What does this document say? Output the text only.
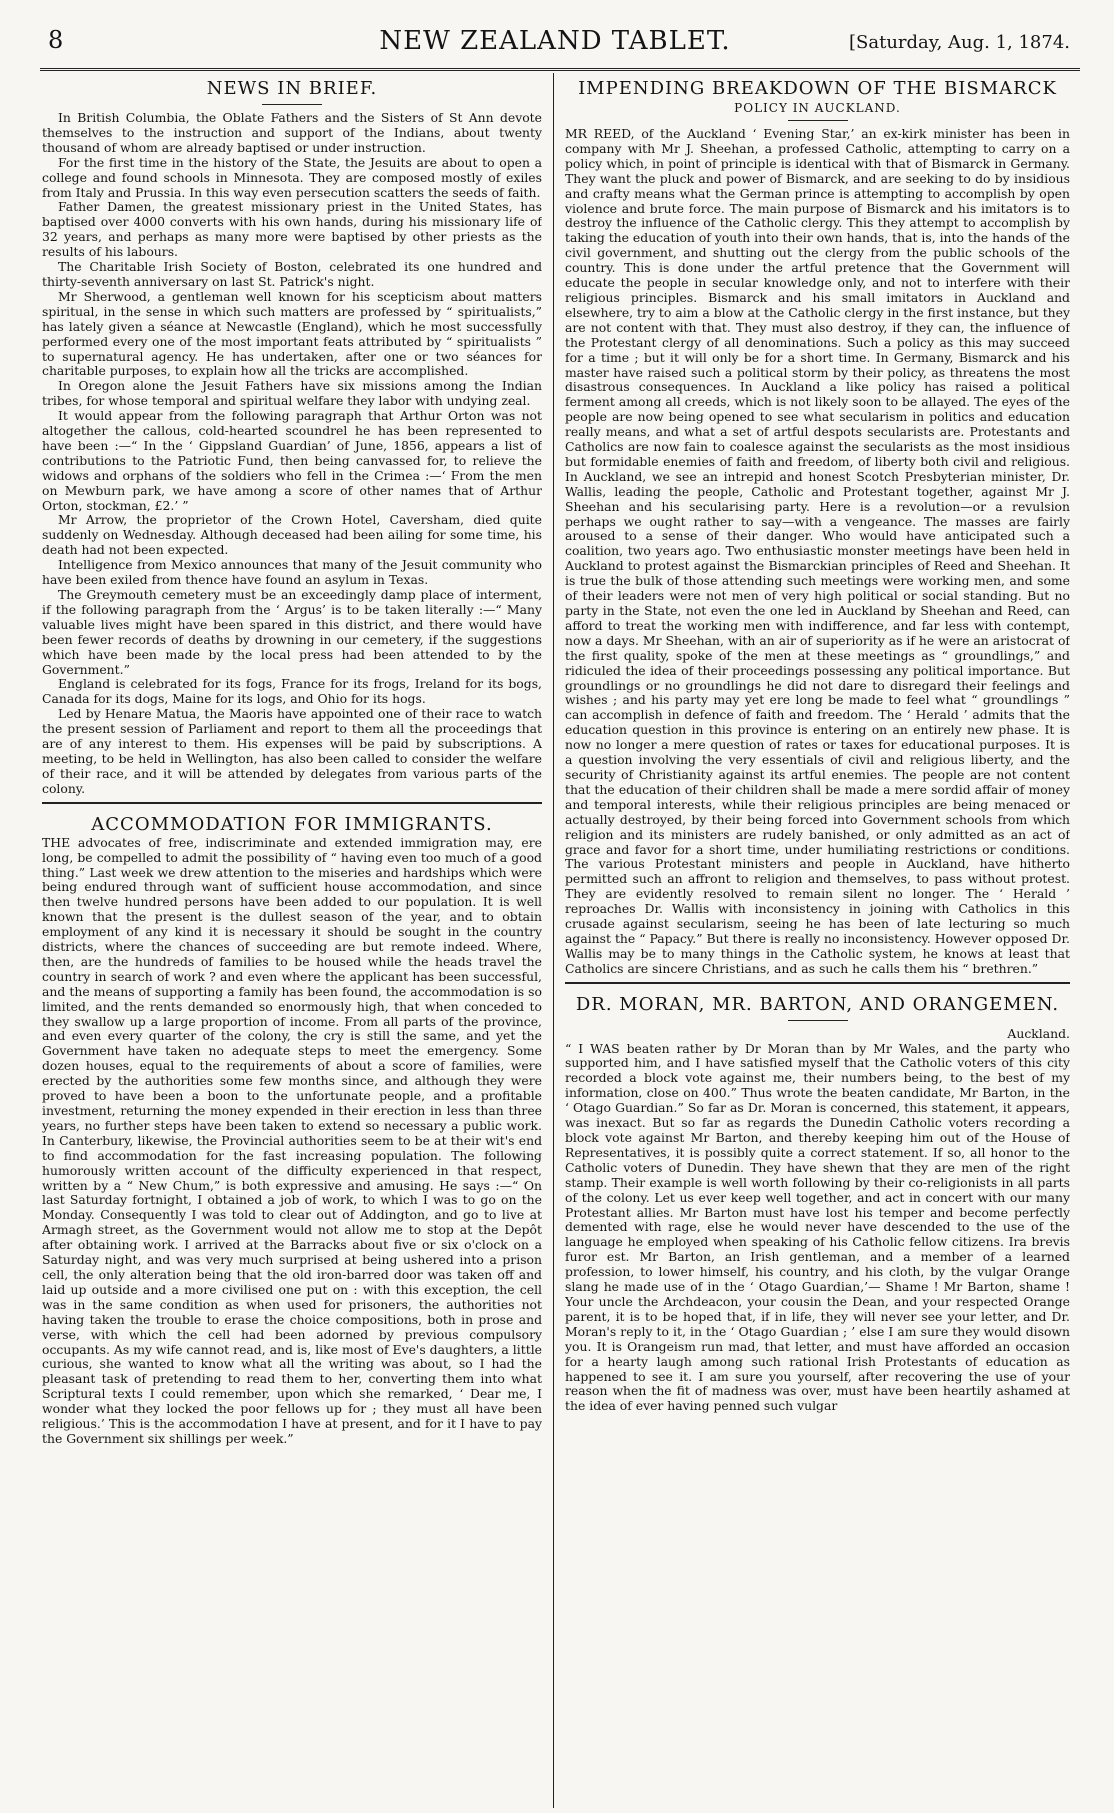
8	NEW ZEALAND TABLET.	[Saturday, Aug. 1, 1874.
NEWS IN BRIEF.

In British Columbia, the Oblate Fathers and the Sisters of St Ann devote themselves to the instruction and support of the Indians, about twenty thousand of whom are already baptised or under instruction.

For the first time in the history of the State, the Jesuits are about to open a college and found schools in Minnesota. They are composed mostly of exiles from Italy and Prussia. In this way even persecution scatters the seeds of faith.

Father Damen, the greatest missionary priest in the United States, has baptised over 4000 converts with his own hands, during his missionary life of 32 years, and perhaps as many more were baptised by other priests as the results of his labours.

The Charitable Irish Society of Boston, celebrated its one hundred and thirty-seventh anniversary on last St. Patrick's night.

Mr Sherwood, a gentleman well known for his scepticism about matters spiritual, in the sense in which such matters are professed by “ spiritualists,” has lately given a séance at Newcastle (England), which he most successfully performed every one of the most important feats attributed by “ spiritualists ” to supernatural agency. He has undertaken, after one or two séances for charitable purposes, to explain how all the tricks are accomplished.

In Oregon alone the Jesuit Fathers have six missions among the Indian tribes, for whose temporal and spiritual welfare they labor with undying zeal.

It would appear from the following paragraph that Arthur Orton was not altogether the callous, cold-hearted scoundrel he has been represented to have been :—“ In the ‘ Gippsland Guardian’ of June, 1856, appears a list of contributions to the Patriotic Fund, then being canvassed for, to relieve the widows and orphans of the soldiers who fell in the Crimea :—‘ From the men on Mewburn park, we have among a score of other names that of Arthur Orton, stockman, £2.’ ”

Mr Arrow, the proprietor of the Crown Hotel, Caversham, died quite suddenly on Wednesday. Although deceased had been ailing for some time, his death had not been expected.

Intelligence from Mexico announces that many of the Jesuit community who have been exiled from thence have found an asylum in Texas.

The Greymouth cemetery must be an exceedingly damp place of interment, if the following paragraph from the ‘ Argus’ is to be taken literally :—“ Many valuable lives might have been spared in this district, and there would have been fewer records of deaths by drowning in our cemetery, if the suggestions which have been made by the local press had been attended to by the Government.”

England is celebrated for its fogs, France for its frogs, Ireland for its bogs, Canada for its dogs, Maine for its logs, and Ohio for its hogs.

Led by Henare Matua, the Maoris have appointed one of their race to watch the present session of Parliament and report to them all the proceedings that are of any interest to them. His expenses will be paid by subscriptions. A meeting, to be held in Wellington, has also been called to consider the welfare of their race, and it will be attended by delegates from various parts of the colony.

ACCOMMODATION FOR IMMIGRANTS.

THE advocates of free, indiscriminate and extended immigration may, ere long, be compelled to admit the possibility of “ having even too much of a good thing.” Last week we drew attention to the miseries and hardships which were being endured through want of sufficient house accommodation, and since then twelve hundred persons have been added to our population. It is well known that the present is the dullest season of the year, and to obtain employment of any kind it is necessary it should be sought in the country districts, where the chances of succeeding are but remote indeed. Where, then, are the hundreds of families to be housed while the heads travel the country in search of work ? and even where the applicant has been successful, and the means of supporting a family has been found, the accommodation is so limited, and the rents demanded so enormously high, that when conceded to they swallow up a large proportion of income. From all parts of the province, and even every quarter of the colony, the cry is still the same, and yet the Government have taken no adequate steps to meet the emergency. Some dozen houses, equal to the requirements of about a score of families, were erected by the authorities some few months since, and although they were proved to have been a boon to the unfortunate people, and a profitable investment, returning the money expended in their erection in less than three years, no further steps have been taken to extend so necessary a public work. In Canterbury, likewise, the Provincial authorities seem to be at their wit's end to find accommodation for the fast increasing population. The following humorously written account of the difficulty experienced in that respect, written by a “ New Chum,” is both expressive and amusing. He says :—“ On last Saturday fortnight, I obtained a job of work, to which I was to go on the Monday. Consequently I was told to clear out of Addington, and go to live at Armagh street, as the Government would not allow me to stop at the Depôt after obtaining work. I arrived at the Barracks about five or six o'clock on a Saturday night, and was very much surprised at being ushered into a prison cell, the only alteration being that the old iron-barred door was taken off and laid up outside and a more civilised one put on : with this exception, the cell was in the same condition as when used for prisoners, the authorities not having taken the trouble to erase the choice compositions, both in prose and verse, with which the cell had been adorned by previous compulsory occupants. As my wife cannot read, and is, like most of Eve's daughters, a little curious, she wanted to know what all the writing was about, so I had the pleasant task of pretending to read them to her, converting them into what Scriptural texts I could remember, upon which she remarked, ‘ Dear me, I wonder what they locked the poor fellows up for ; they must all have been religious.’ This is the accommodation I have at present, and for it I have to pay the Government six shillings per week.”

IMPENDING BREAKDOWN OF THE BISMARCK
POLICY IN AUCKLAND.

MR REED, of the Auckland ‘ Evening Star,’ an ex-kirk minister has been in company with Mr J. Sheehan, a professed Catholic, attempting to carry on a policy which, in point of principle is identical with that of Bismarck in Germany. They want the pluck and power of Bismarck, and are seeking to do by insidious and crafty means what the German prince is attempting to accomplish by open violence and brute force. The main purpose of Bismarck and his imitators is to destroy the influence of the Catholic clergy. This they attempt to accomplish by taking the education of youth into their own hands, that is, into the hands of the civil government, and shutting out the clergy from the public schools of the country. This is done under the artful pretence that the Government will educate the people in secular knowledge only, and not to interfere with their religious principles. Bismarck and his small imitators in Auckland and elsewhere, try to aim a blow at the Catholic clergy in the first instance, but they are not content with that. They must also destroy, if they can, the influence of the Protestant clergy of all denominations. Such a policy as this may succeed for a time ; but it will only be for a short time. In Germany, Bismarck and his master have raised such a political storm by their policy, as threatens the most disastrous consequences. In Auckland a like policy has raised a political ferment among all creeds, which is not likely soon to be allayed. The eyes of the people are now being opened to see what secularism in politics and education really means, and what a set of artful despots secularists are. Protestants and Catholics are now fain to coalesce against the secularists as the most insidious but formidable enemies of faith and freedom, of liberty both civil and religious. In Auckland, we see an intrepid and honest Scotch Presbyterian minister, Dr. Wallis, leading the people, Catholic and Protestant together, against Mr J. Sheehan and his secularising party. Here is a revolution—or a revulsion perhaps we ought rather to say—with a vengeance. The masses are fairly aroused to a sense of their danger. Who would have anticipated such a coalition, two years ago. Two enthusiastic monster meetings have been held in Auckland to protest against the Bismarckian principles of Reed and Sheehan. It is true the bulk of those attending such meetings were working men, and some of their leaders were not men of very high political or social standing. But no party in the State, not even the one led in Auckland by Sheehan and Reed, can afford to treat the working men with indifference, and far less with contempt, now a days. Mr Sheehan, with an air of superiority as if he were an aristocrat of the first quality, spoke of the men at these meetings as “ groundlings,” and ridiculed the idea of their proceedings possessing any political importance. But groundlings or no groundlings he did not dare to disregard their feelings and wishes ; and his party may yet ere long be made to feel what “ groundlings ” can accomplish in defence of faith and freedom. The ‘ Herald ’ admits that the education question in this province is entering on an entirely new phase. It is now no longer a mere question of rates or taxes for educational purposes. It is a question involving the very essentials of civil and religious liberty, and the security of Christianity against its artful enemies. The people are not content that the education of their children shall be made a mere sordid affair of money and temporal interests, while their religious principles are being menaced or actually destroyed, by their being forced into Government schools from which religion and its ministers are rudely banished, or only admitted as an act of grace and favor for a short time, under humiliating restrictions or conditions. The various Protestant ministers and people in Auckland, have hitherto permitted such an affront to religion and themselves, to pass without protest. They are evidently resolved to remain silent no longer. The ‘ Herald ’ reproaches Dr. Wallis with inconsistency in joining with Catholics in this crusade against secularism, seeing he has been of late lecturing so much against the “ Papacy.” But there is really no inconsistency. However opposed Dr. Wallis may be to many things in the Catholic system, he knows at least that Catholics are sincere Christians, and as such he calls them his “ brethren.”

DR. MORAN, MR. BARTON, AND ORANGEMEN.

Auckland.

“ I WAS beaten rather by Dr Moran than by Mr Wales, and the party who supported him, and I have satisfied myself that the Catholic voters of this city recorded a block vote against me, their numbers being, to the best of my information, close on 400.” Thus wrote the beaten candidate, Mr Barton, in the ‘ Otago Guardian.” So far as Dr. Moran is concerned, this statement, it appears, was inexact. But so far as regards the Dunedin Catholic voters recording a block vote against Mr Barton, and thereby keeping him out of the House of Representatives, it is possibly quite a correct statement. If so, all honor to the Catholic voters of Dunedin. They have shewn that they are men of the right stamp. Their example is well worth following by their co-religionists in all parts of the colony. Let us ever keep well together, and act in concert with our many Protestant allies. Mr Barton must have lost his temper and become perfectly demented with rage, else he would never have descended to the use of the language he employed when speaking of his Catholic fellow citizens. Ira brevis furor est. Mr Barton, an Irish gentleman, and a member of a learned profession, to lower himself, his country, and his cloth, by the vulgar Orange slang he made use of in the ‘ Otago Guardian,’— Shame ! Mr Barton, shame ! Your uncle the Archdeacon, your cousin the Dean, and your respected Orange parent, it is to be hoped that, if in life, they will never see your letter, and Dr. Moran's reply to it, in the ‘ Otago Guardian ; ’ else I am sure they would disown you. It is Orangeism run mad, that letter, and must have afforded an occasion for a hearty laugh among such rational Irish Protestants of education as happened to see it. I am sure you yourself, after recovering the use of your reason when the fit of madness was over, must have been heartily ashamed at the idea of ever having penned such vulgar
